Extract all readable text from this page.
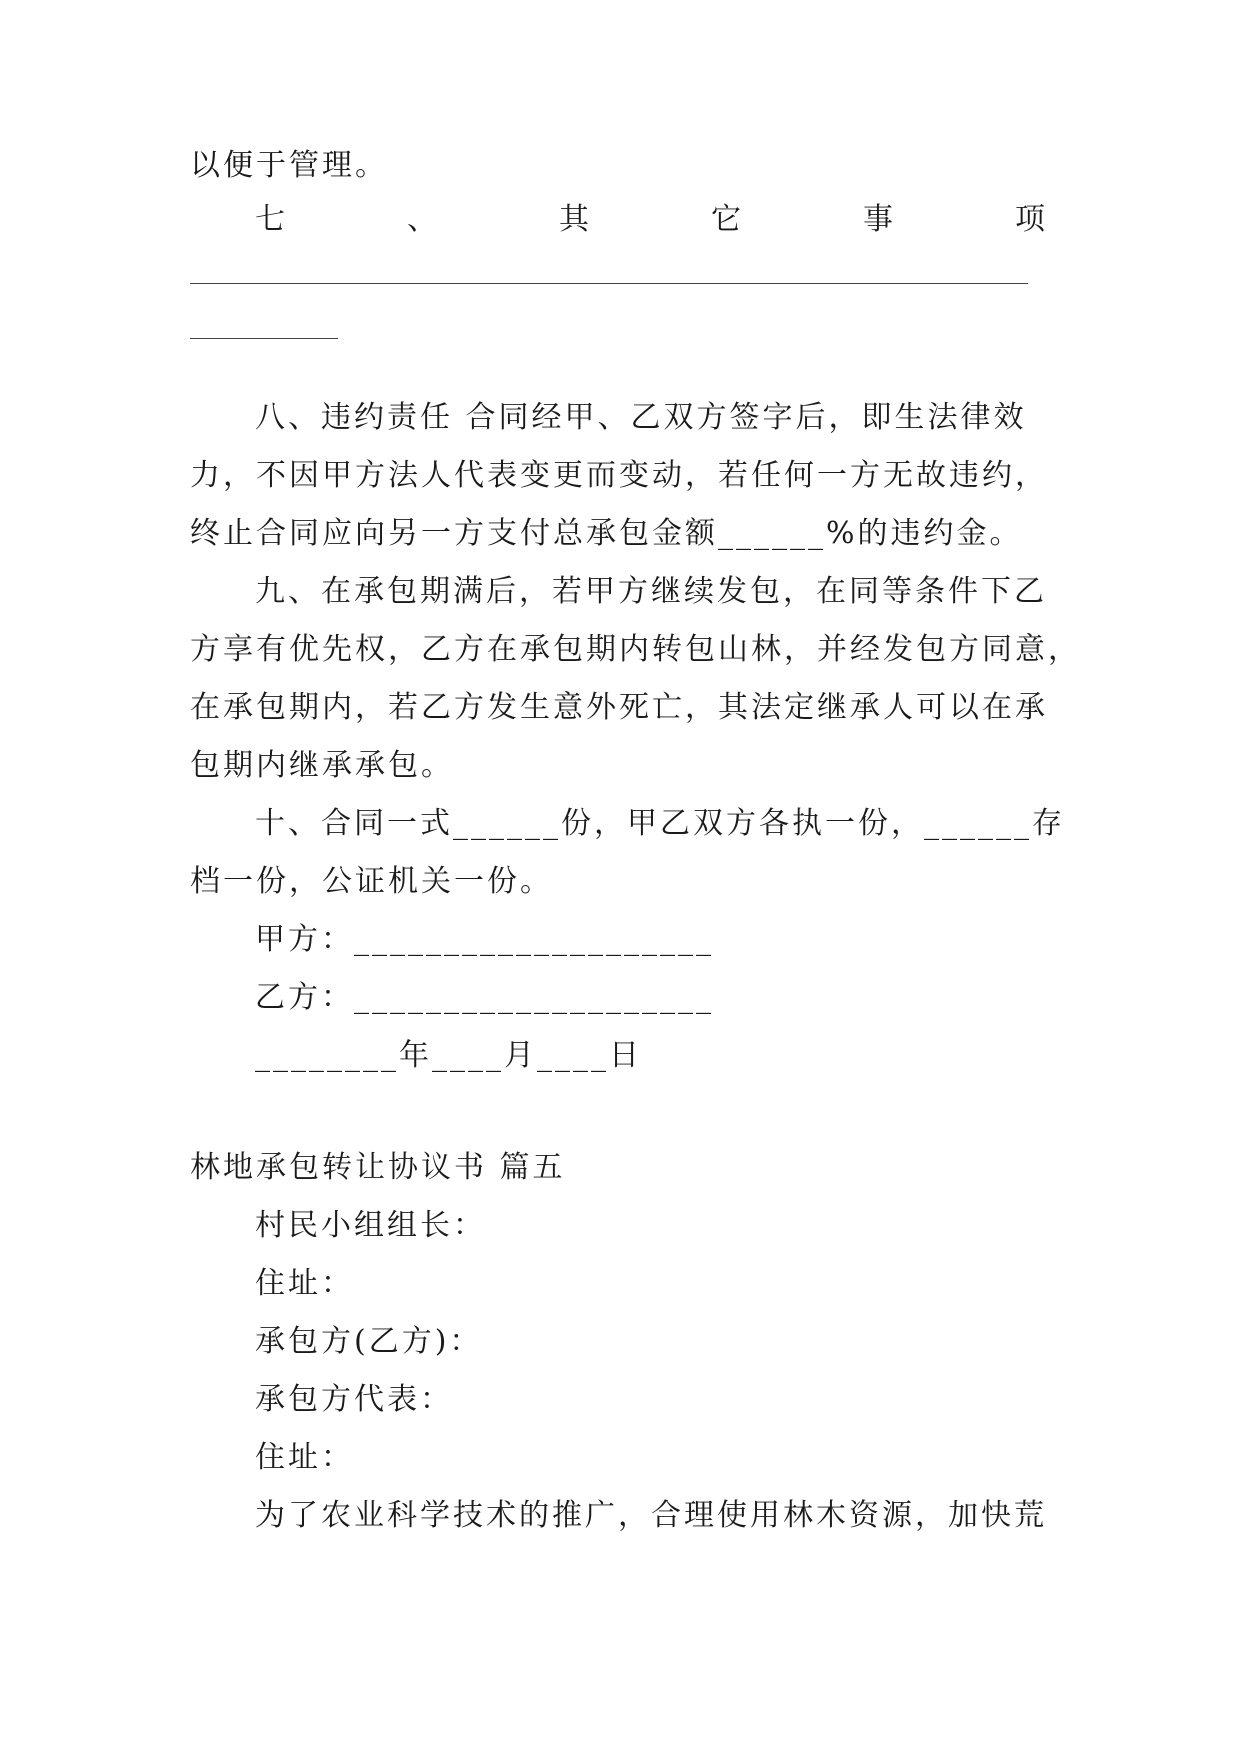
以便于管理。

七	、	其	它	事	项

八、违约责任 合同经甲、乙双方签字后，即生法律效

力，不因甲方法人代表变更而变动，若任何一方无故违约，

终止合同应向另一方支付总承包金额______%的违约金。

九、在承包期满后，若甲方继续发包，在同等条件下乙

方享有优先权，乙方在承包期内转包山林，并经发包方同意，

在承包期内，若乙方发生意外死亡，其法定继承人可以在承

包期内继承承包。

十、合同一式______份，甲乙双方各执一份，______存

档一份，公证机关一份。

甲方：____________________

乙方：____________________

________年____月____日

林地承包转让协议书 篇五

村民小组组长：

住址：

承包方(乙方)：

承包方代表：

住址：

为了农业科学技术的推广，合理使用林木资源，加快荒
